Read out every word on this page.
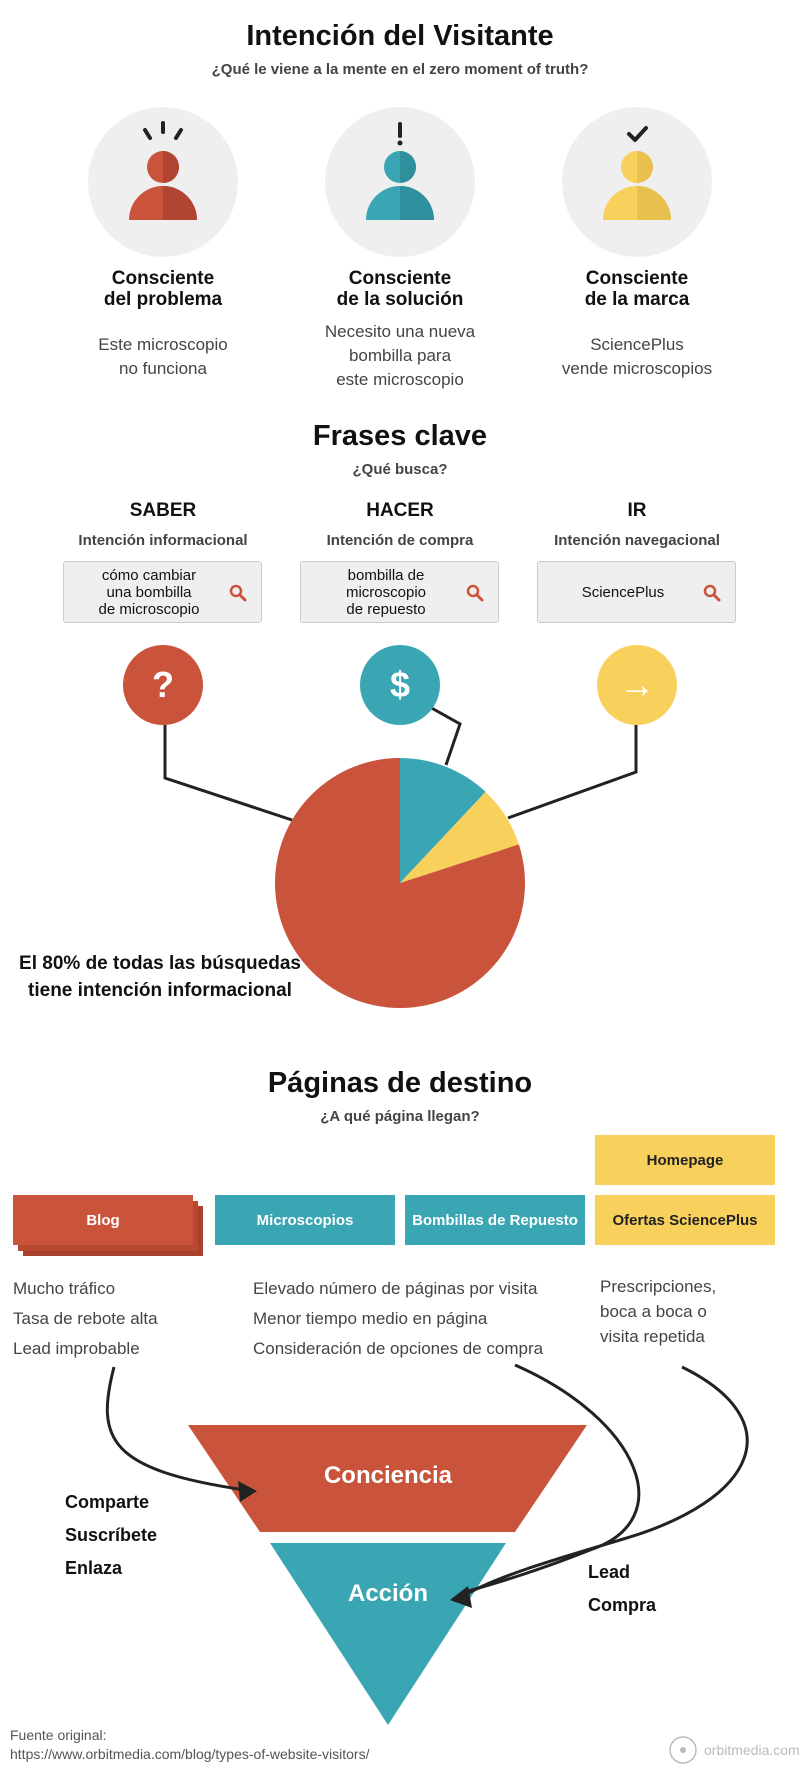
Intención del Visitante
¿Qué le viene a la mente en el zero moment of truth?
Consciente
del problema
Este microscopio
no funciona
Consciente
de la solución
Necesito una nueva
bombilla para
este microscopio
Consciente
de la marca
SciencePlus
vende microscopios
Frases clave
¿Qué busca?
SABER
Intención informacional
cómo cambiar
una bombilla
de microscopio
HACER
Intención de compra
bombilla de
microscopio
de repuesto
IR
Intención navegacional
SciencePlus
?	$	→
El 80% de todas las búsquedas
tiene intención informacional
Páginas de destino
¿A qué página llegan?
Blog	Microscopios	Bombillas de Repuesto
Homepage
Ofertas SciencePlus
Mucho tráfico
Tasa de rebote alta
Lead improbable
Elevado número de páginas por visita
Menor tiempo medio en página
Consideración de opciones de compra
Prescripciones,
boca a boca o
visita repetida
Conciencia
Acción
Comparte
Suscríbete
Enlaza	Lead
Compra
Fuente original:
https://www.orbitmedia.com/blog/types-of-website-visitors/	orbitmedia.com
